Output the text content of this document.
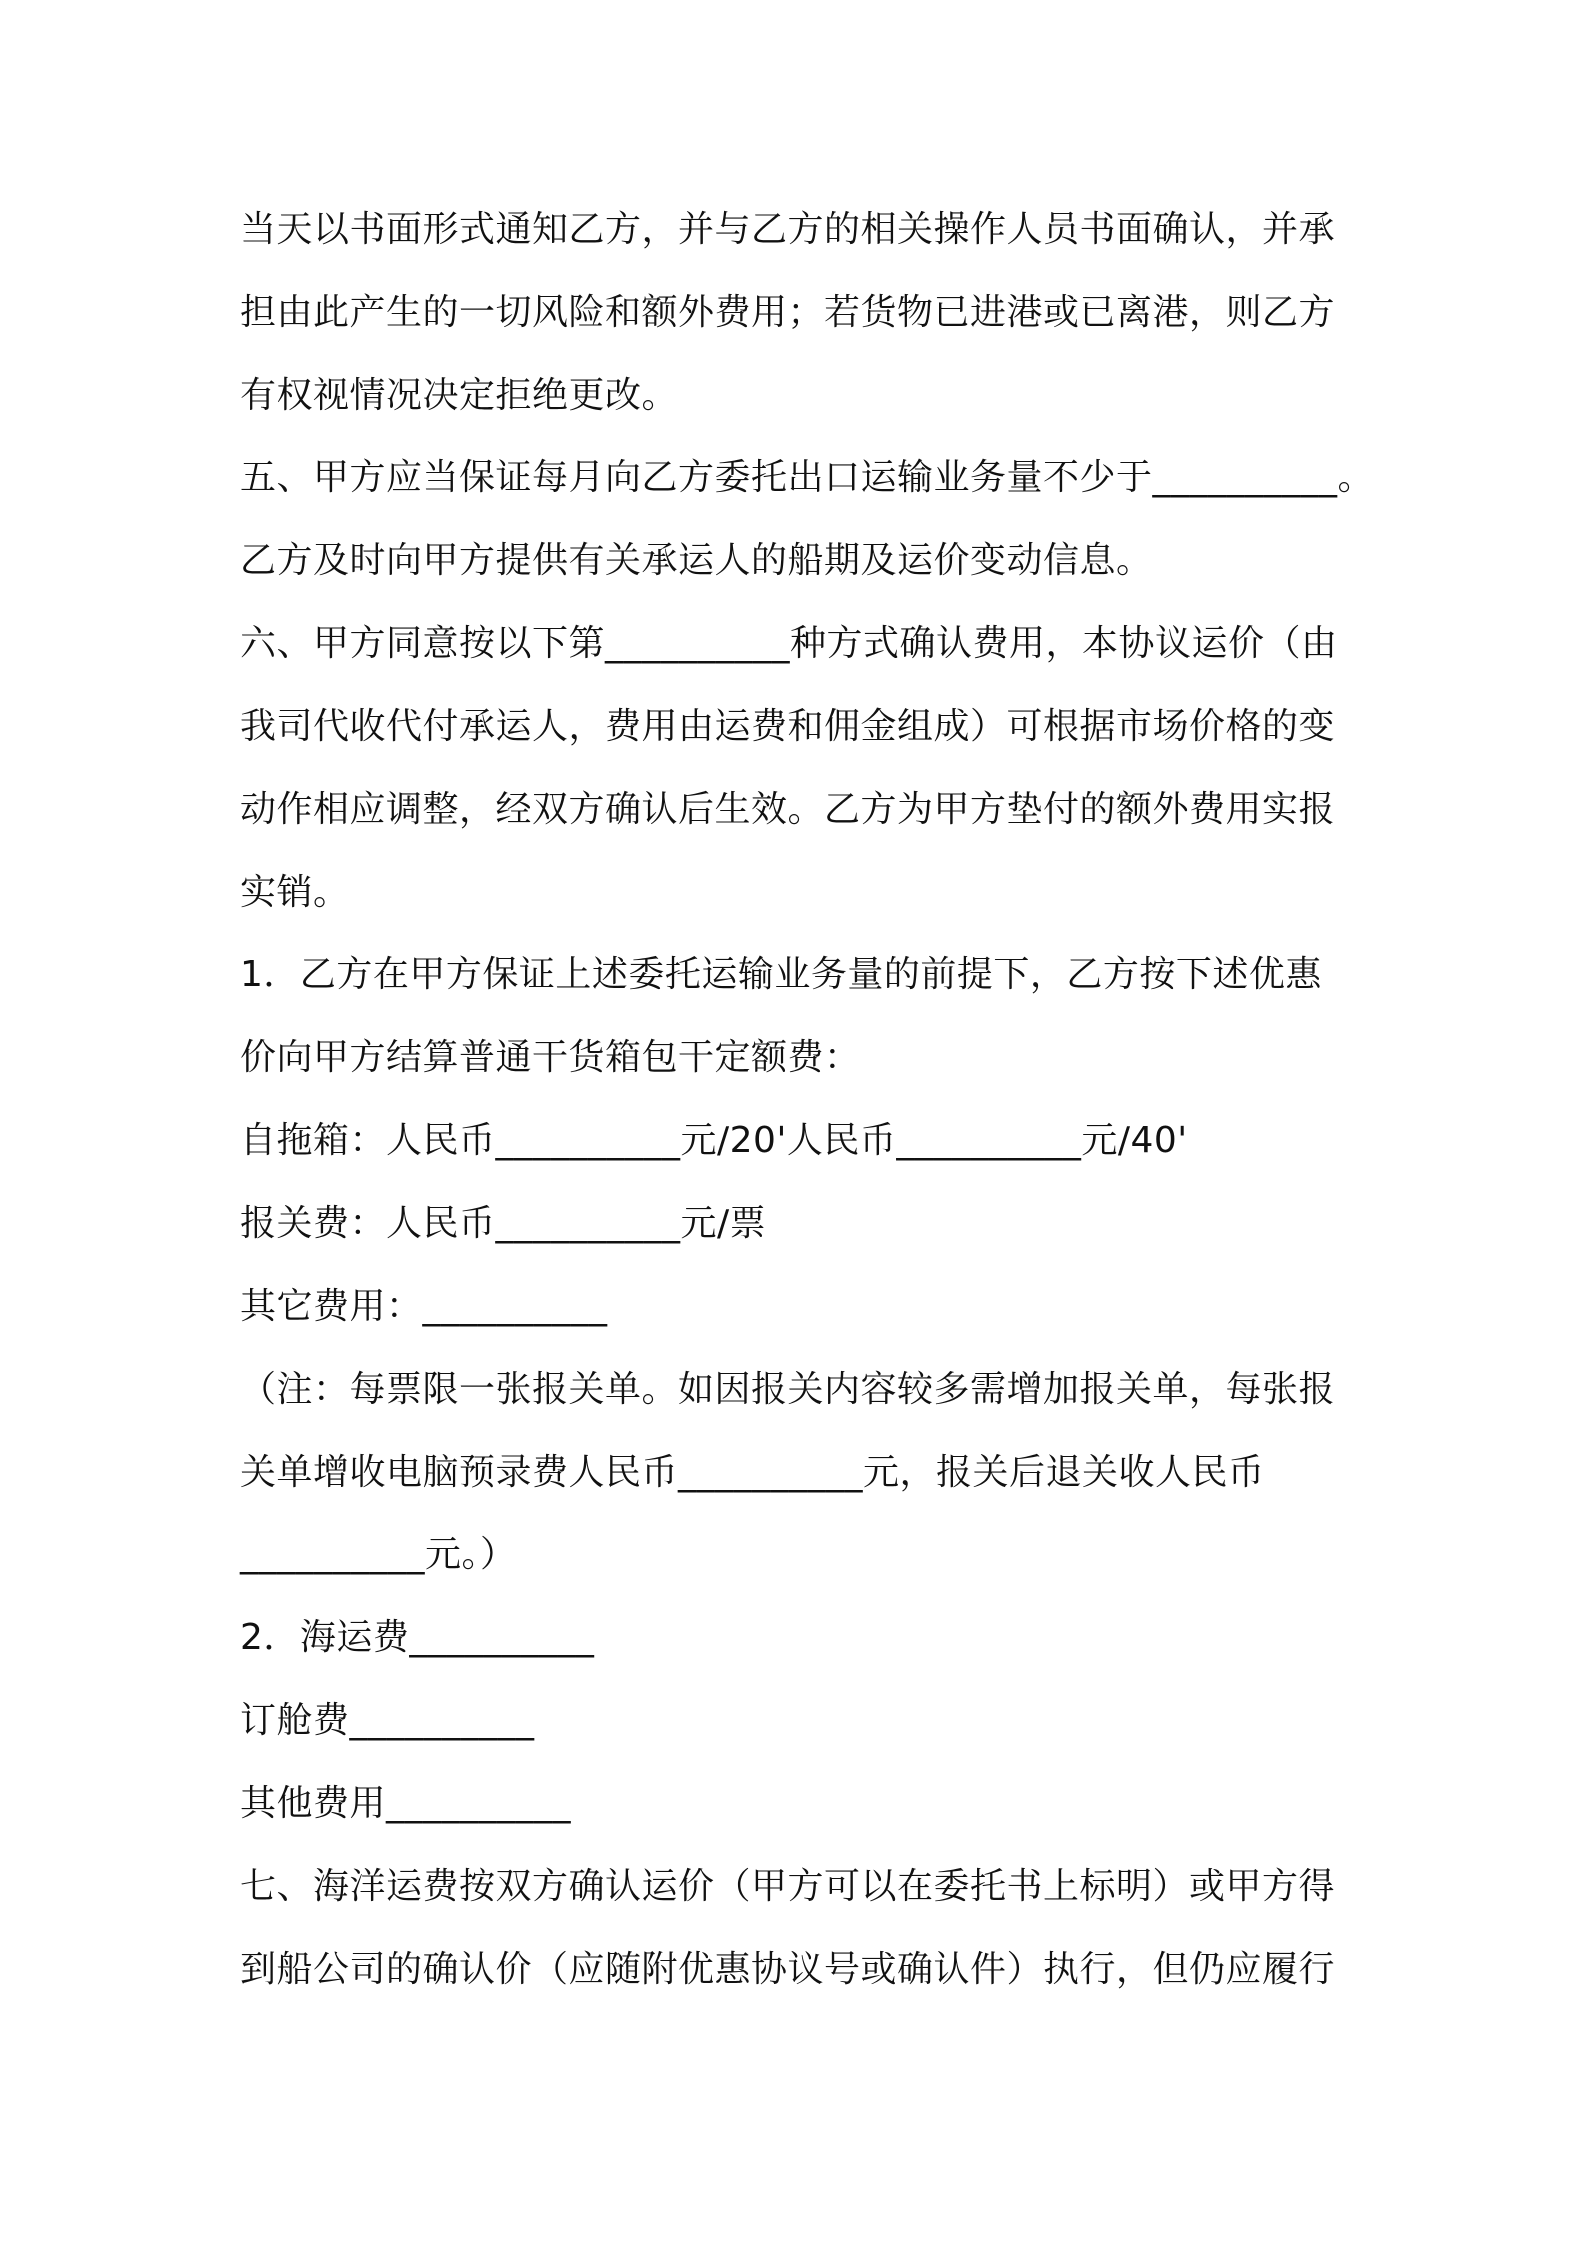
当天以书面形式通知乙方，并与乙方的相关操作人员书面确认，并承
担由此产生的一切风险和额外费用；若货物已进港或已离港，则乙方
有权视情况决定拒绝更改。
五、甲方应当保证每月向乙方委托出口运输业务量不少于__________。
乙方及时向甲方提供有关承运人的船期及运价变动信息。
六、甲方同意按以下第__________种方式确认费用，本协议运价（由
我司代收代付承运人，费用由运费和佣金组成）可根据市场价格的变
动作相应调整，经双方确认后生效。乙方为甲方垫付的额外费用实报
实销。
1．乙方在甲方保证上述委托运输业务量的前提下，乙方按下述优惠
价向甲方结算普通干货箱包干定额费：
自拖箱：人民币__________元/20'人民币__________元/40'
报关费：人民币__________元/票
其它费用：__________
（注：每票限一张报关单。如因报关内容较多需增加报关单，每张报
关单增收电脑预录费人民币__________元，报关后退关收人民币
__________元。）
2．海运费__________
订舱费__________
其他费用__________
七、海洋运费按双方确认运价（甲方可以在委托书上标明）或甲方得
到船公司的确认价（应随附优惠协议号或确认件）执行，但仍应履行
